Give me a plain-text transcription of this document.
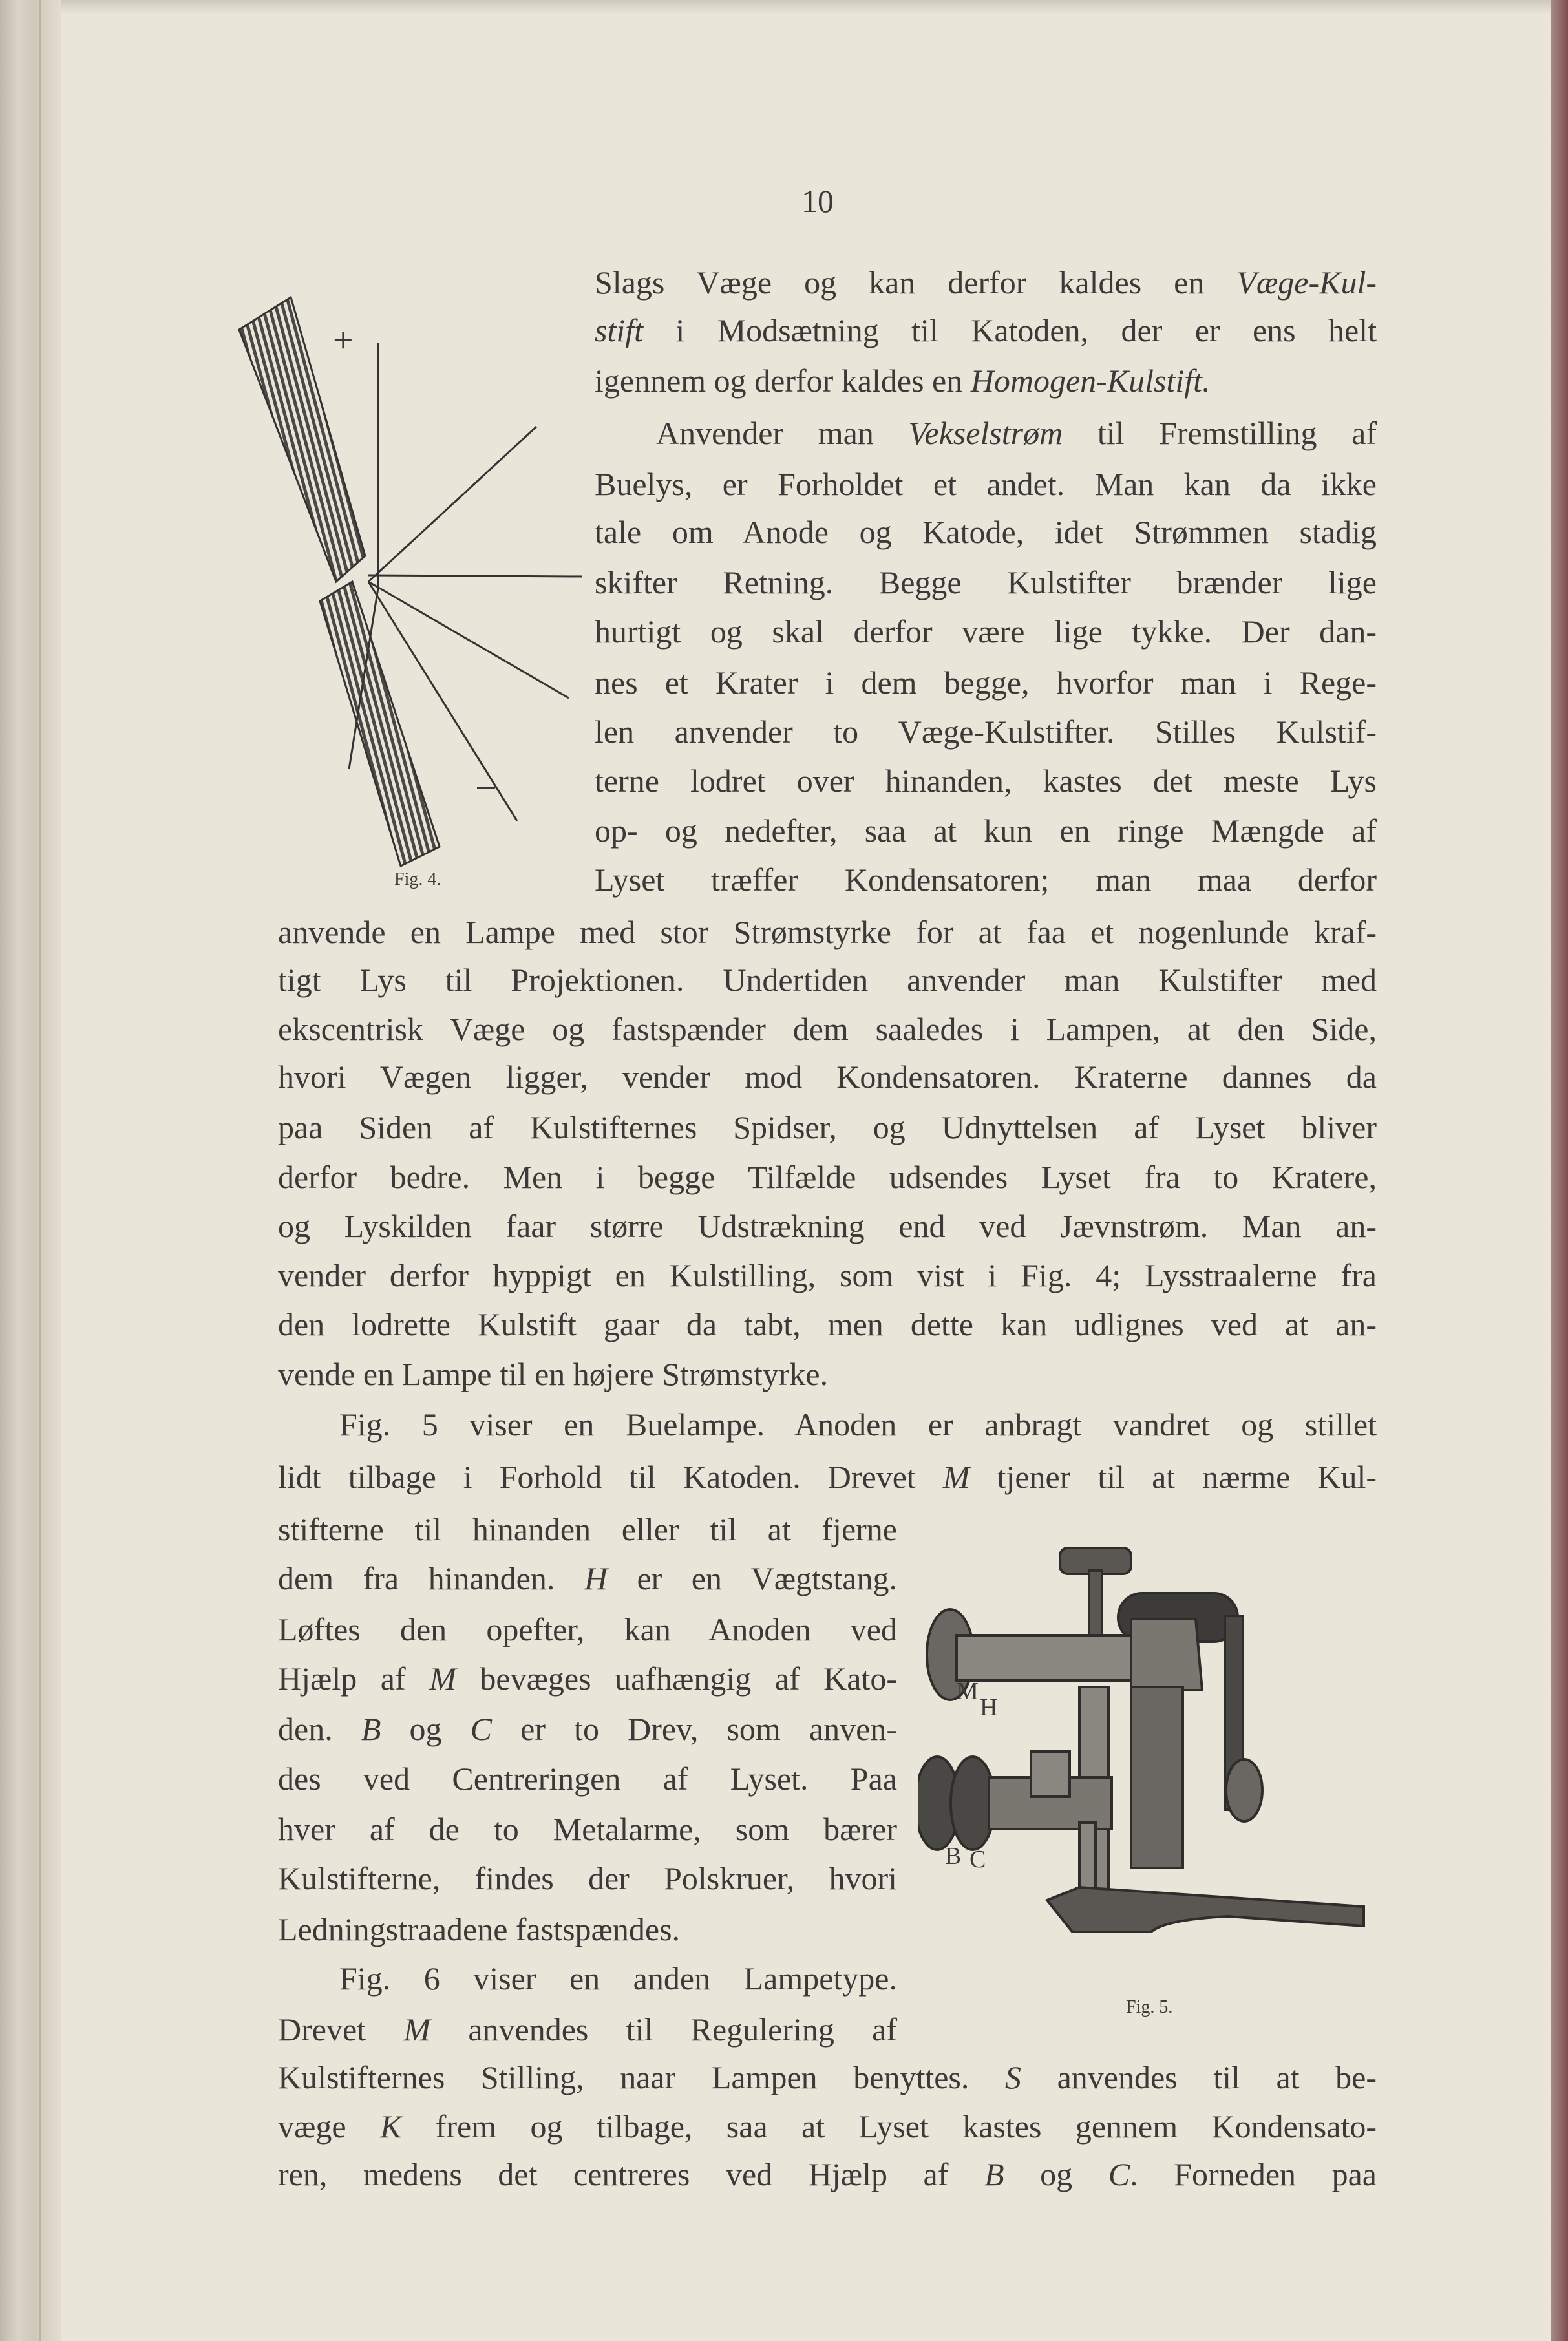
10
+
−
Fig. 4.
M
H
B C
Fig. 5.
Slags Væge og kan derfor kaldes en Væge-Kul-
stift i Modsætning til Katoden, der er ens helt
igennem og derfor kaldes en Homogen-Kulstift.
Anvender man Vekselstrøm til Fremstilling af
Buelys, er Forholdet et andet. Man kan da ikke
tale om Anode og Katode, idet Strømmen stadig
skifter Retning. Begge Kulstifter brænder lige
hurtigt og skal derfor være lige tykke. Der dan-
nes et Krater i dem begge, hvorfor man i Rege-
len anvender to Væge-Kulstifter. Stilles Kulstif-
terne lodret over hinanden, kastes det meste Lys
op- og nedefter, saa at kun en ringe Mængde af
Lyset træffer Kondensatoren; man maa derfor
anvende en Lampe med stor Strømstyrke for at faa et nogenlunde kraf-
tigt Lys til Projektionen. Undertiden anvender man Kulstifter med
ekscentrisk Væge og fastspænder dem saaledes i Lampen, at den Side,
hvori Vægen ligger, vender mod Kondensatoren. Kraterne dannes da
paa Siden af Kulstifternes Spidser, og Udnyttelsen af Lyset bliver
derfor bedre. Men i begge Tilfælde udsendes Lyset fra to Kratere,
og Lyskilden faar større Udstrækning end ved Jævnstrøm. Man an-
vender derfor hyppigt en Kulstilling, som vist i Fig. 4; Lysstraalerne fra
den lodrette Kulstift gaar da tabt, men dette kan udlignes ved at an-
vende en Lampe til en højere Strømstyrke.
Fig. 5 viser en Buelampe. Anoden er anbragt vandret og stillet
lidt tilbage i Forhold til Katoden. Drevet M tjener til at nærme Kul-
stifterne til hinanden eller til at fjerne
dem fra hinanden. H er en Vægtstang.
Løftes den opefter, kan Anoden ved
Hjælp af M bevæges uafhængig af Kato-
den. B og C er to Drev, som anven-
des ved Centreringen af Lyset. Paa
hver af de to Metalarme, som bærer
Kulstifterne, findes der Polskruer, hvori
Ledningstraadene fastspændes.
Fig. 6 viser en anden Lampetype.
Drevet M anvendes til Regulering af
Kulstifternes Stilling, naar Lampen benyttes. S anvendes til at be-
væge K frem og tilbage, saa at Lyset kastes gennem Kondensato-
ren, medens det centreres ved Hjælp af B og C. Forneden paa
